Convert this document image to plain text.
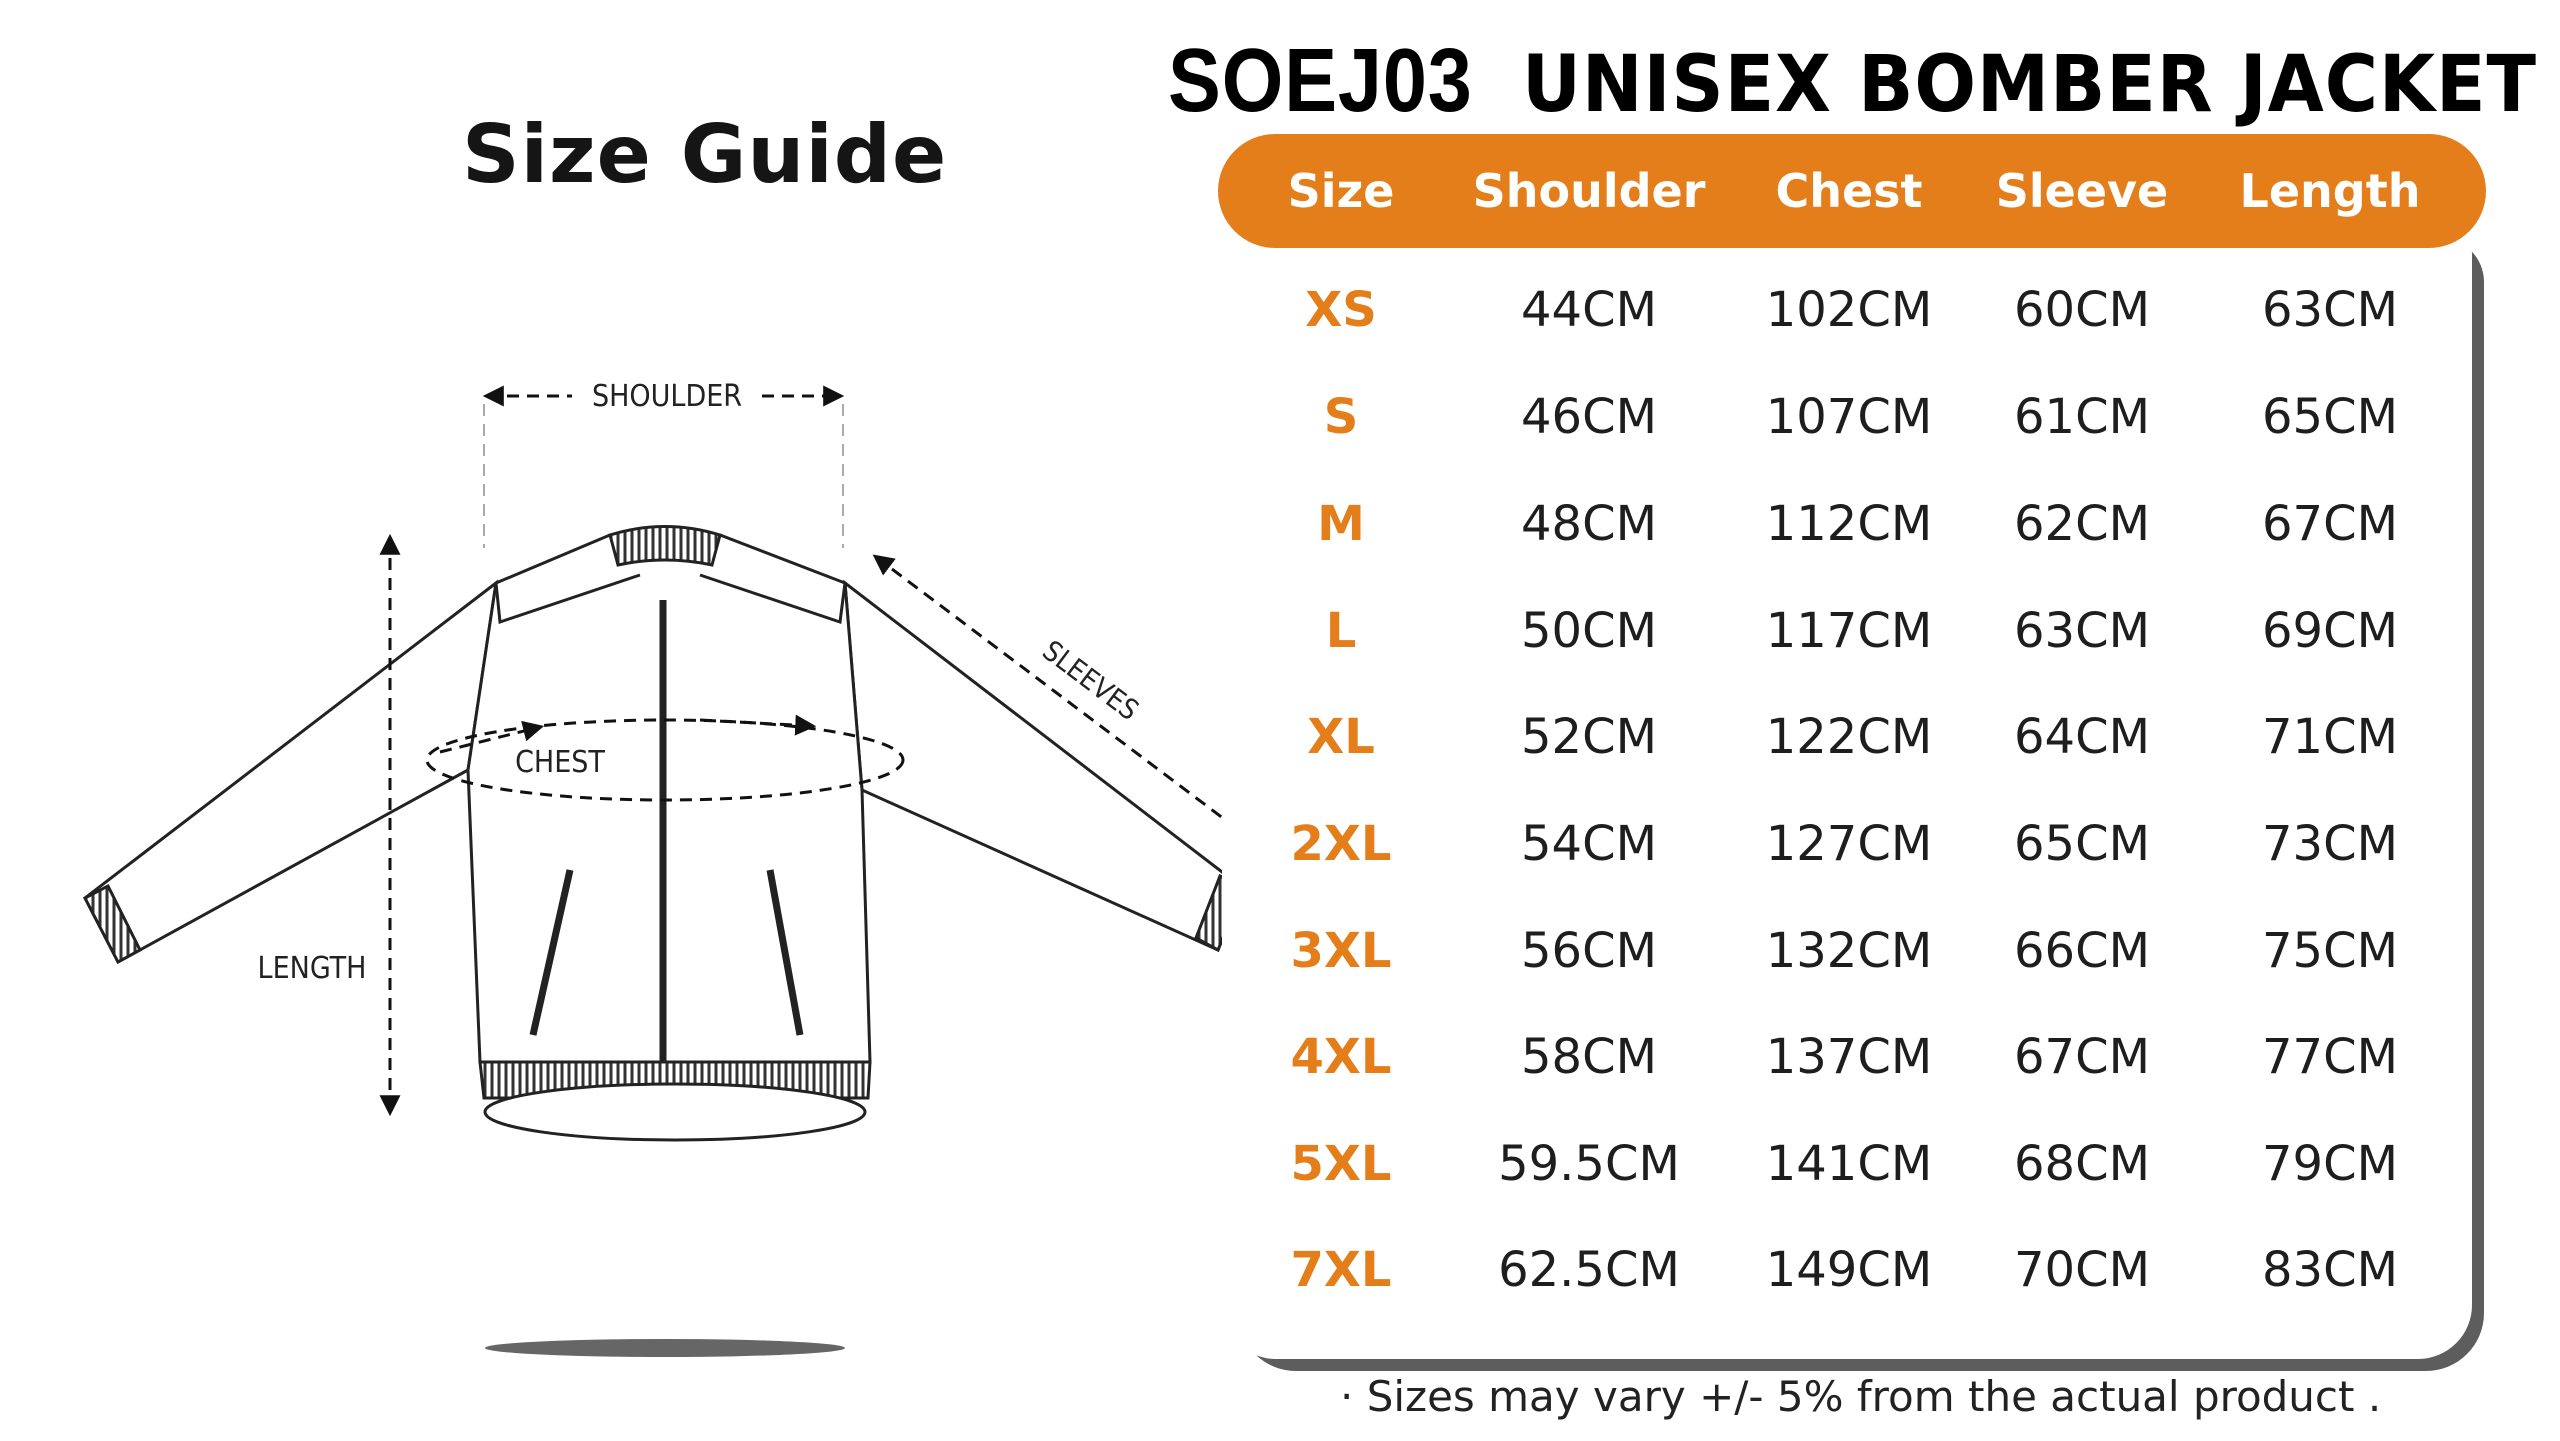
Size Guide
SOEJ03 UNISEX BOMBER JACKET
SHOULDER
CHEST
SLEEVES
LENGTH
Size Shoulder Chest Sleeve Length
XS	44CM 102CM 60CM 63CM
S	46CM 107CM 61CM 65CM
M	48CM 112CM 62CM 67CM
L	50CM 117CM 63CM 69CM
XL	52CM 122CM 64CM 71CM
2XL	54CM 127CM 65CM 73CM
3XL	56CM 132CM 66CM 75CM
4XL	58CM 137CM 67CM 77CM
5XL 59.5CM 141CM 68CM 79CM
7XL 62.5CM 149CM 70CM 83CM
· Sizes may vary +/- 5% from the actual product .
